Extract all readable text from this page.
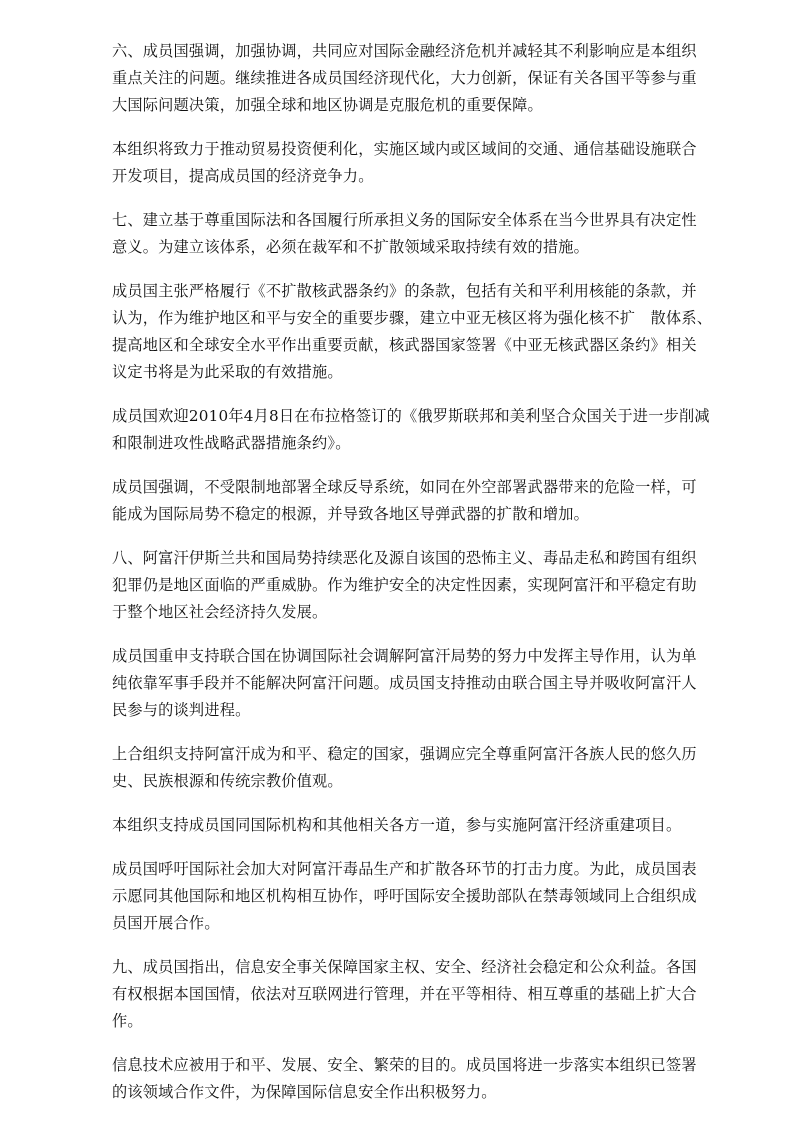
六、成员国强调，加强协调，共同应对国际金融经济危机并减轻其不利影响应是本组织
重点关注的问题。继续推进各成员国经济现代化，大力创新，保证有关各国平等参与重
大国际问题决策，加强全球和地区协调是克服危机的重要保障。

本组织将致力于推动贸易投资便利化，实施区域内或区域间的交通、通信基础设施联合
开发项目，提高成员国的经济竞争力。

七、建立基于尊重国际法和各国履行所承担义务的国际安全体系在当今世界具有决定性
意义。为建立该体系，必须在裁军和不扩散领域采取持续有效的措施。

成员国主张严格履行《不扩散核武器条约》的条款，包括有关和平利用核能的条款，并
认为，作为维护地区和平与安全的重要步骤，建立中亚无核区将为强化核不扩　散体系、
提高地区和全球安全水平作出重要贡献，核武器国家签署《中亚无核武器区条约》相关
议定书将是为此采取的有效措施。

成员国欢迎2010年4月8日在布拉格签订的《俄罗斯联邦和美利坚合众国关于进一步削减
和限制进攻性战略武器措施条约》。

成员国强调，不受限制地部署全球反导系统，如同在外空部署武器带来的危险一样，可
能成为国际局势不稳定的根源，并导致各地区导弹武器的扩散和增加。

八、阿富汗伊斯兰共和国局势持续恶化及源自该国的恐怖主义、毒品走私和跨国有组织
犯罪仍是地区面临的严重威胁。作为维护安全的决定性因素，实现阿富汗和平稳定有助
于整个地区社会经济持久发展。

成员国重申支持联合国在协调国际社会调解阿富汗局势的努力中发挥主导作用，认为单
纯依靠军事手段并不能解决阿富汗问题。成员国支持推动由联合国主导并吸收阿富汗人
民参与的谈判进程。

上合组织支持阿富汗成为和平、稳定的国家，强调应完全尊重阿富汗各族人民的悠久历
史、民族根源和传统宗教价值观。

本组织支持成员国同国际机构和其他相关各方一道，参与实施阿富汗经济重建项目。

成员国呼吁国际社会加大对阿富汗毒品生产和扩散各环节的打击力度。为此，成员国表
示愿同其他国际和地区机构相互协作，呼吁国际安全援助部队在禁毒领域同上合组织成
员国开展合作。

九、成员国指出，信息安全事关保障国家主权、安全、经济社会稳定和公众利益。各国
有权根据本国国情，依法对互联网进行管理，并在平等相待、相互尊重的基础上扩大合
作。

信息技术应被用于和平、发展、安全、繁荣的目的。成员国将进一步落实本组织已签署
的该领域合作文件，为保障国际信息安全作出积极努力。
